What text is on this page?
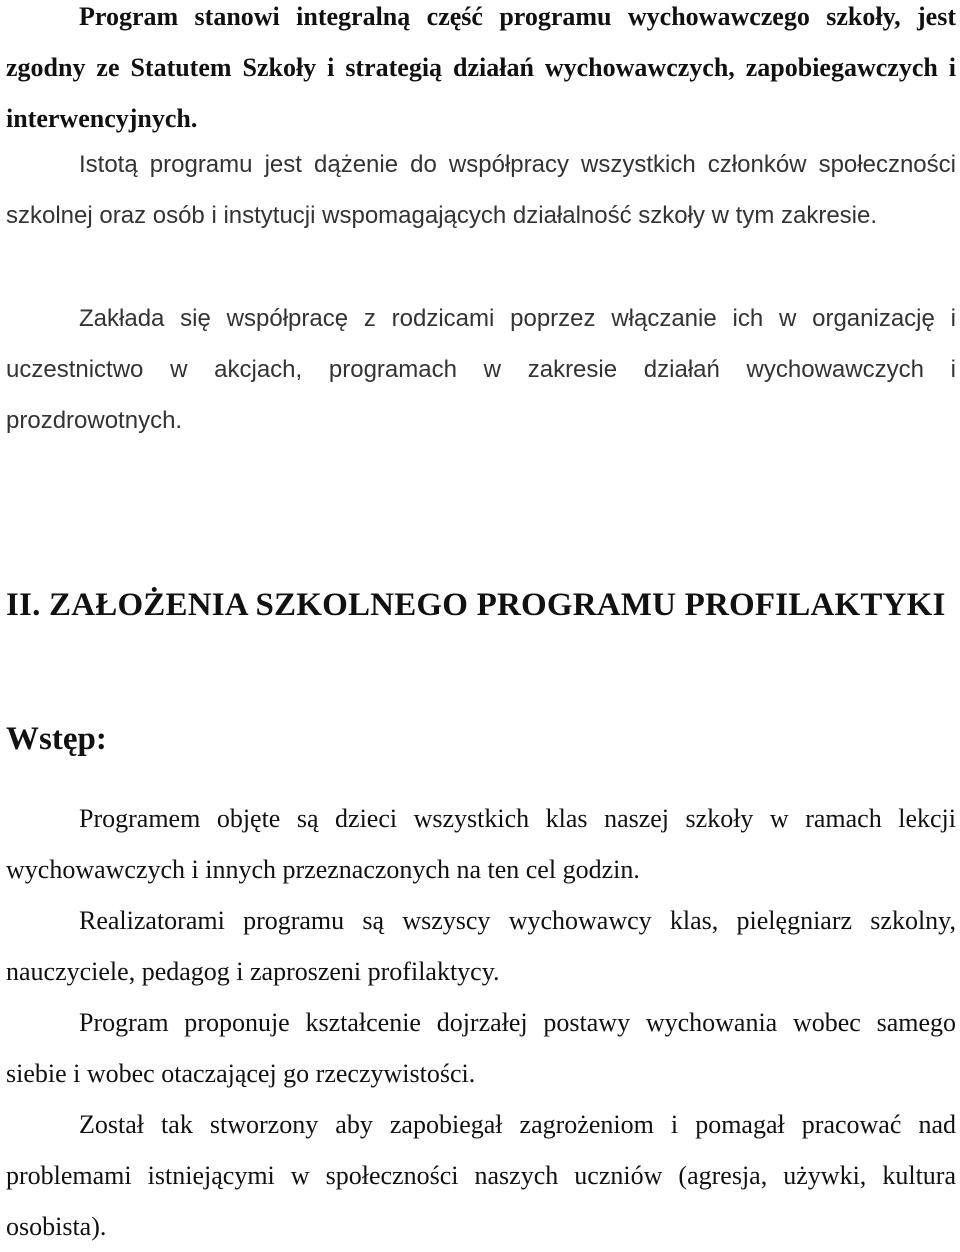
Program stanowi integralną część programu wychowawczego szkoły, jest zgodny ze Statutem Szkoły i strategią działań wychowawczych, zapobiegawczych i interwencyjnych.

Istotą programu jest dążenie do współpracy wszystkich członków społeczności szkolnej oraz osób i instytucji wspomagających działalność szkoły w tym zakresie.

Zakłada się współpracę z rodzicami poprzez włączanie ich w organizację i uczestnictwo w akcjach, programach w zakresie działań wychowawczych i prozdrowotnych.

II. ZAŁOŻENIA SZKOLNEGO PROGRAMU PROFILAKTYKI
Wstęp:

Programem objęte są dzieci wszystkich klas naszej szkoły w ramach lekcji wychowawczych i innych przeznaczonych na ten cel godzin.

Realizatorami programu są wszyscy wychowawcy klas, pielęgniarz szkolny, nauczyciele, pedagog i zaproszeni profilaktycy.

Program proponuje kształcenie dojrzałej postawy wychowania wobec samego siebie i wobec otaczającej go rzeczywistości.

Został tak stworzony aby zapobiegał zagrożeniom i pomagał pracować nad problemami istniejącymi w społeczności naszych uczniów (agresja, używki, kultura osobista).
